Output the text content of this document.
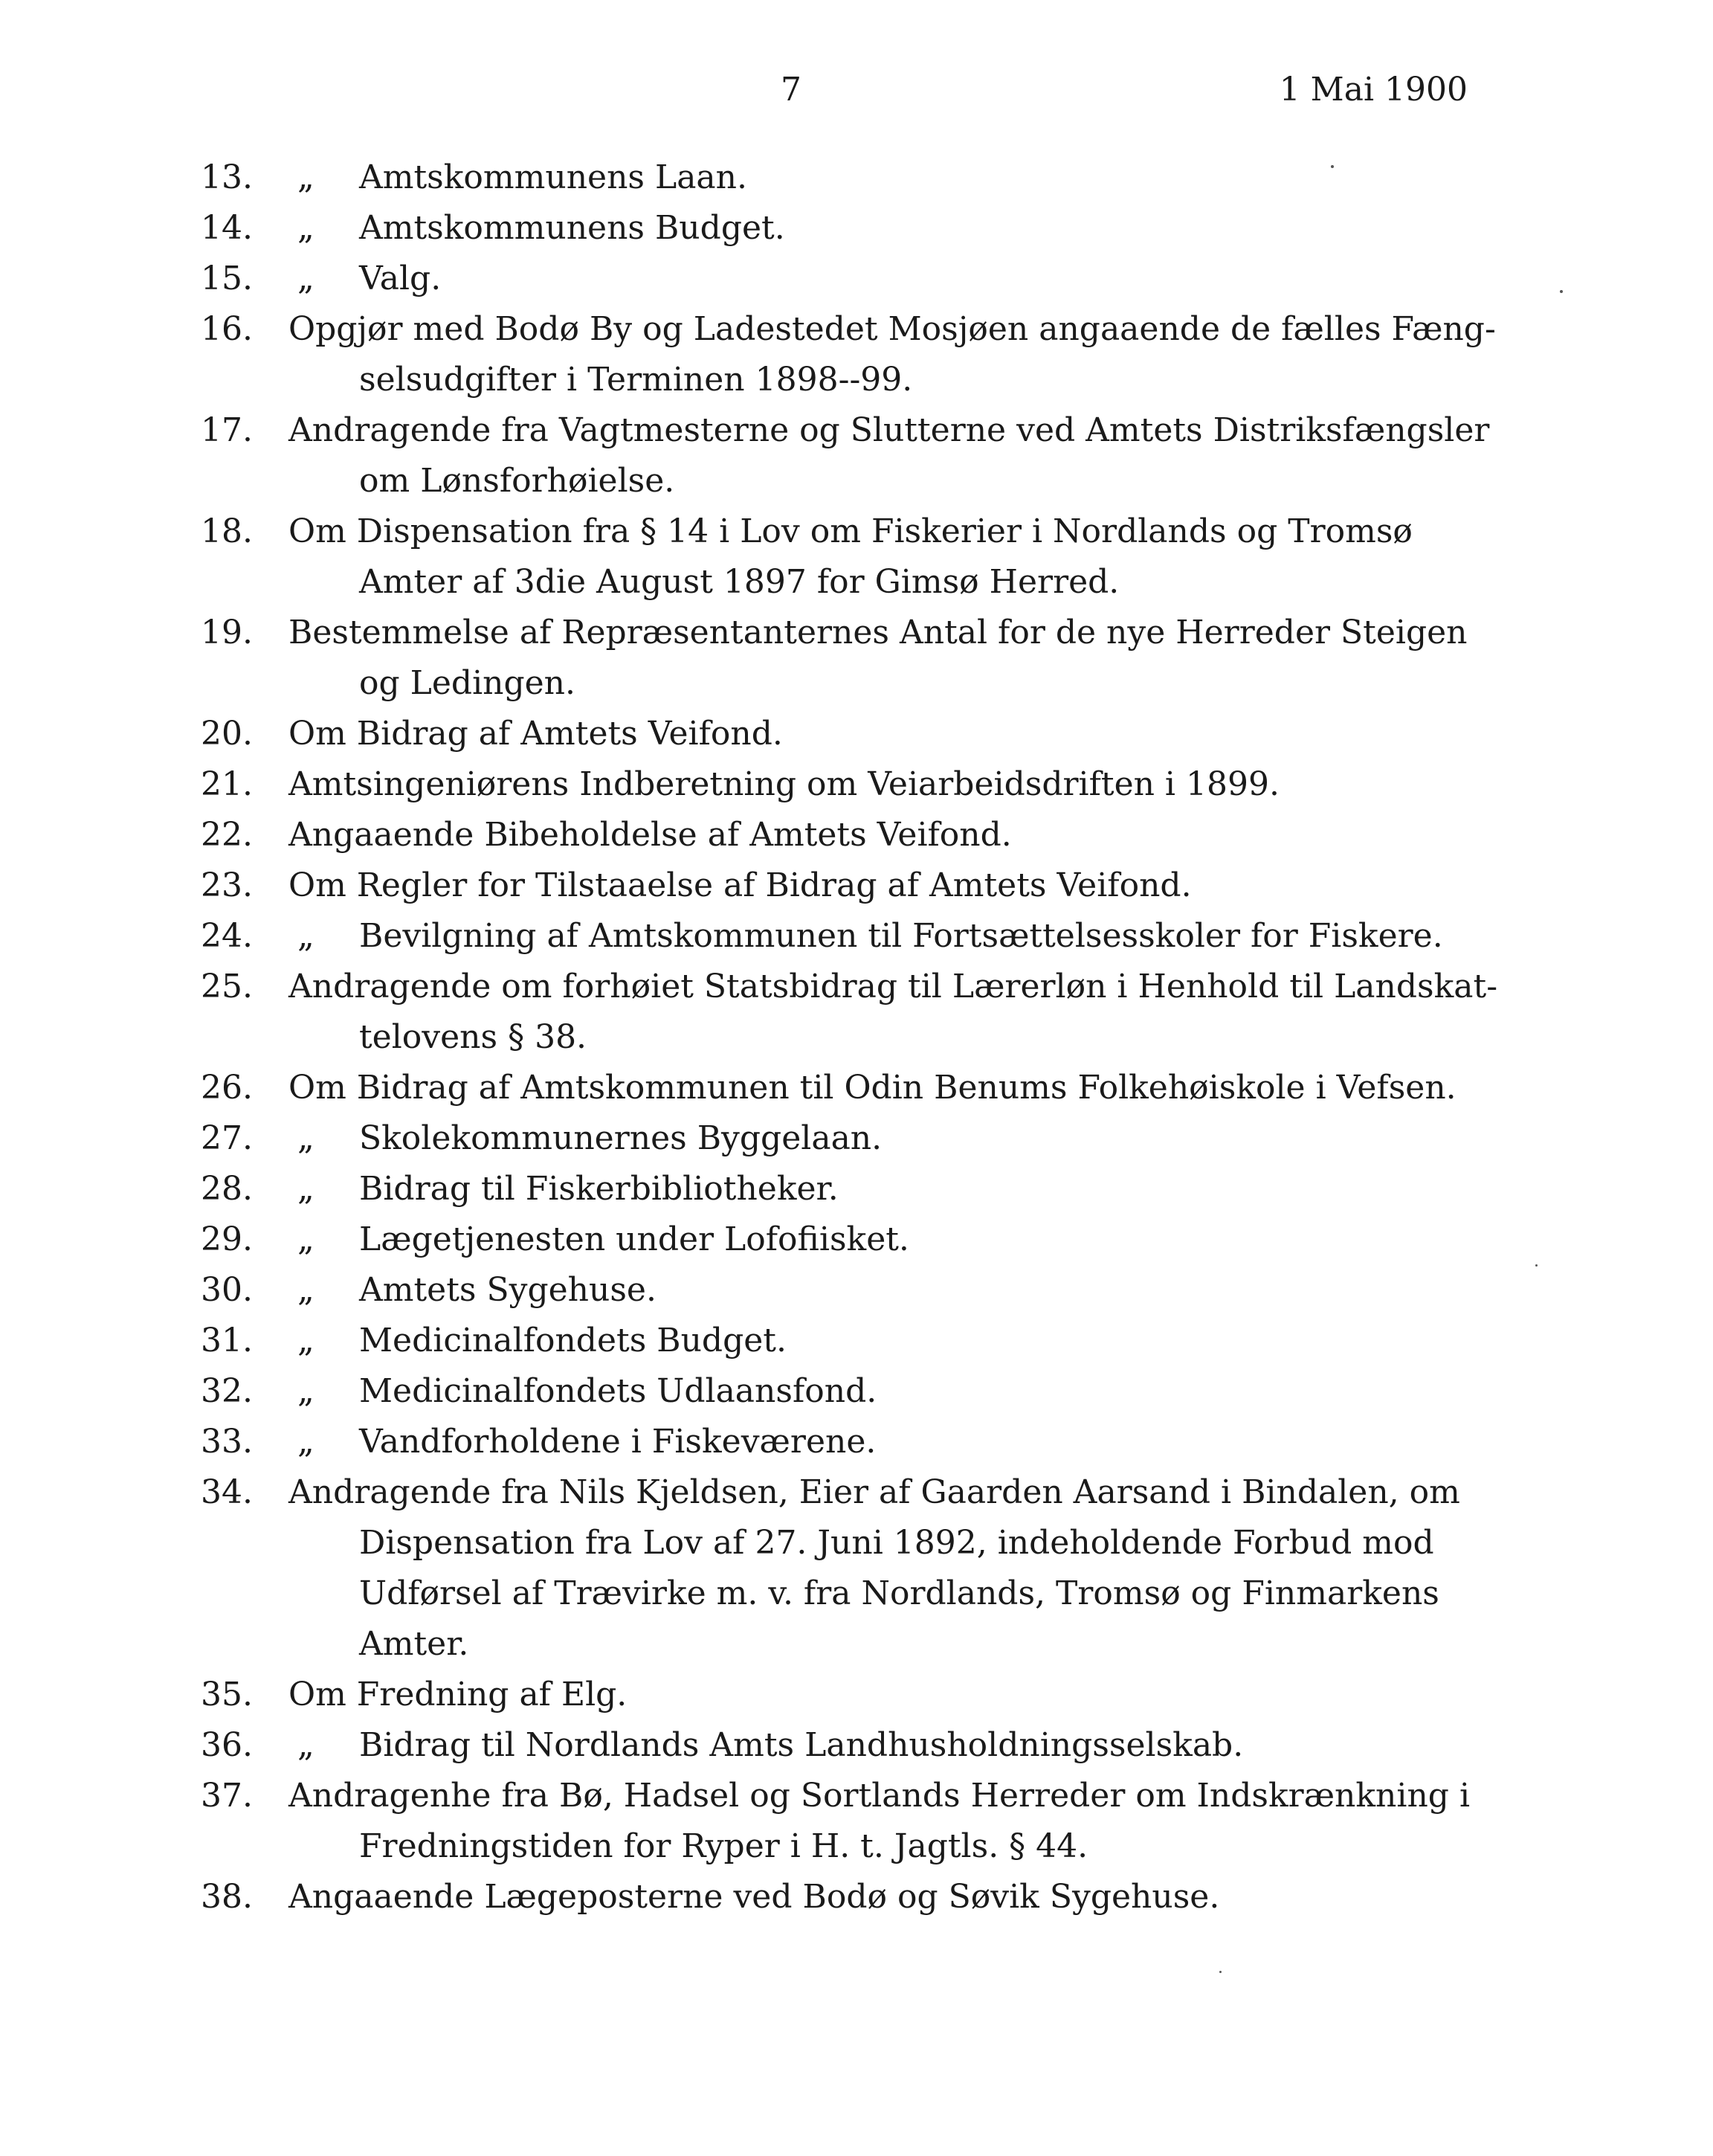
7	1 Mai 1900
13.	„ Amtskommunens Laan.
14.	„ Amtskommunens Budget.
15.	„ Valg.
16.	Opgjør med Bodø By og Ladestedet Mosjøen angaaende de fælles Fæng-
selsudgifter i Terminen 1898--99.
17.	Andragende fra Vagtmesterne og Slutterne ved Amtets Distriksfængsler
om Lønsforhøielse.
18.	Om Dispensation fra § 14 i Lov om Fiskerier i Nordlands og Tromsø
Amter af 3die August 1897 for Gimsø Herred.
19.	Bestemmelse af Repræsentanternes Antal for de nye Herreder Steigen
og Ledingen.
20.	Om Bidrag af Amtets Veifond.
21.	Amtsingeniørens Indberetning om Veiarbeidsdriften i 1899.
22.	Angaaende Bibeholdelse af Amtets Veifond.
23.	Om Regler for Tilstaaelse af Bidrag af Amtets Veifond.
24.	„ Bevilgning af Amtskommunen til Fortsættelsesskoler for Fiskere.
25.	Andragende om forhøiet Statsbidrag til Lærerløn i Henhold til Landskat-
telovens § 38.
26.	Om Bidrag af Amtskommunen til Odin Benums Folkehøiskole i Vefsen.
27.	„ Skolekommunernes Byggelaan.
28.	„ Bidrag til Fiskerbibliotheker.
29.	„ Lægetjenesten under Lofofiisket.
30.	„ Amtets Sygehuse.
31.	„ Medicinalfondets Budget.
32.	„ Medicinalfondets Udlaansfond.
33.	„ Vandforholdene i Fiskeværene.
34.	Andragende fra Nils Kjeldsen, Eier af Gaarden Aarsand i Bindalen, om
Dispensation fra Lov af 27. Juni 1892, indeholdende Forbud mod
Udførsel af Trævirke m. v. fra Nordlands, Tromsø og Finmarkens
Amter.
35.	Om Fredning af Elg.
36.	„ Bidrag til Nordlands Amts Landhusholdningsselskab.
37.	Andragenhe fra Bø, Hadsel og Sortlands Herreder om Indskrænkning i
Fredningstiden for Ryper i H. t. Jagtls. § 44.
38.	Angaaende Lægeposterne ved Bodø og Søvik Sygehuse.
